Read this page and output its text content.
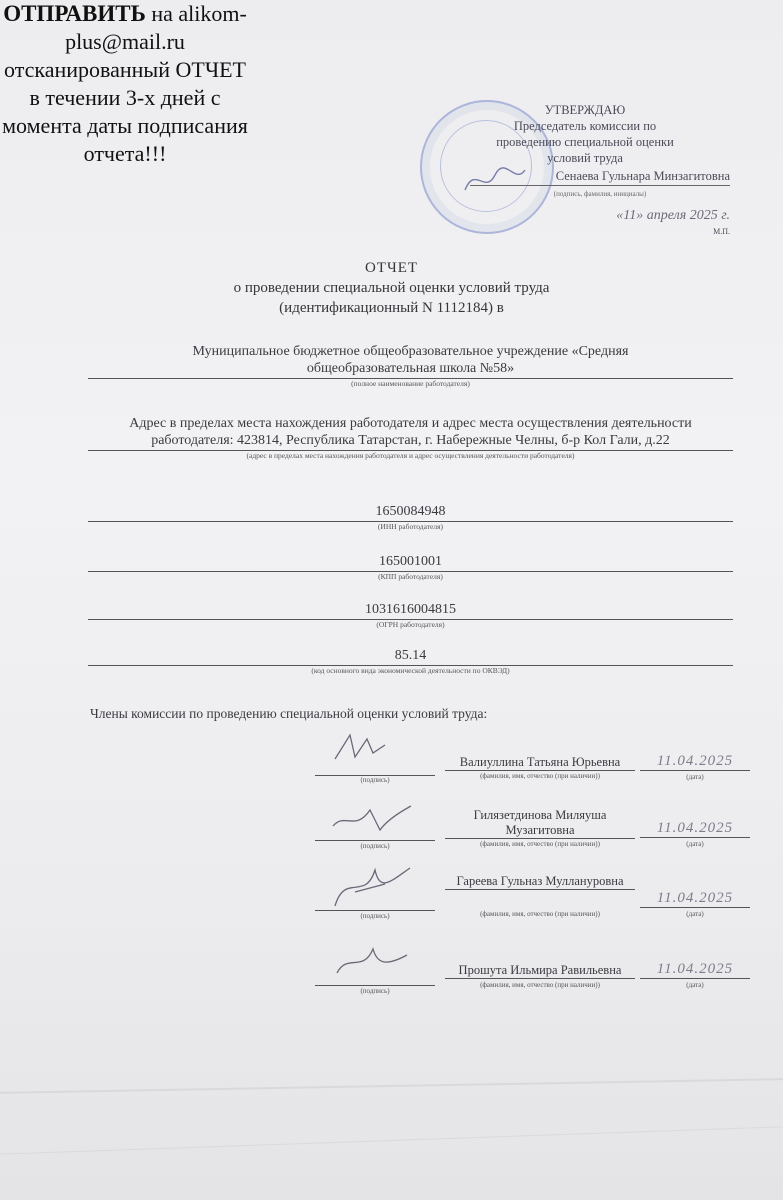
ОТПРАВИТЬ на alikom-plus@mail.ru отсканированный ОТЧЕТ в течении 3-х дней с момента даты подписания отчета!!!
УТВЕРЖДАЮ
Председатель комиссии по
проведению специальной оценки
условий труда
Сенаева Гульнара Минзагитовна
(подпись, фамилия, инициалы)
«11» апреля 2025 г.
М.П.
ОТЧЕТ
о проведении специальной оценки условий труда
(идентификационный N 1112184) в
Муниципальное бюджетное общеобразовательное учреждение «Средняя общеобразовательная школа №58»
(полное наименование работодателя)
Адрес в пределах места нахождения работодателя и адрес места осуществления деятельности работодателя: 423814, Республика Татарстан, г. Набережные Челны, б-р Кол Гали, д.22
(адрес в пределах места нахождения работодателя и адрес осуществления деятельности работодателя)
1650084948
(ИНН работодателя)
165001001
(КПП работодателя)
1031616004815
(ОГРН работодателя)
85.14
(код основного вида экономической деятельности по ОКВЭД)
Члены комиссии по проведению специальной оценки условий труда:
(подпись)
Валиуллина Татьяна Юрьевна
(фамилия, имя, отчество (при наличии))
11.04.2025
(дата)
(подпись)
Гилязетдинова Миляуша Музагитовна
(фамилия, имя, отчество (при наличии))
11.04.2025
(дата)
(подпись)
Гареева Гульназ Муллануровна
(фамилия, имя, отчество (при наличии))
11.04.2025
(дата)
(подпись)
Прошута Ильмира Равильевна
(фамилия, имя, отчество (при наличии))
11.04.2025
(дата)
